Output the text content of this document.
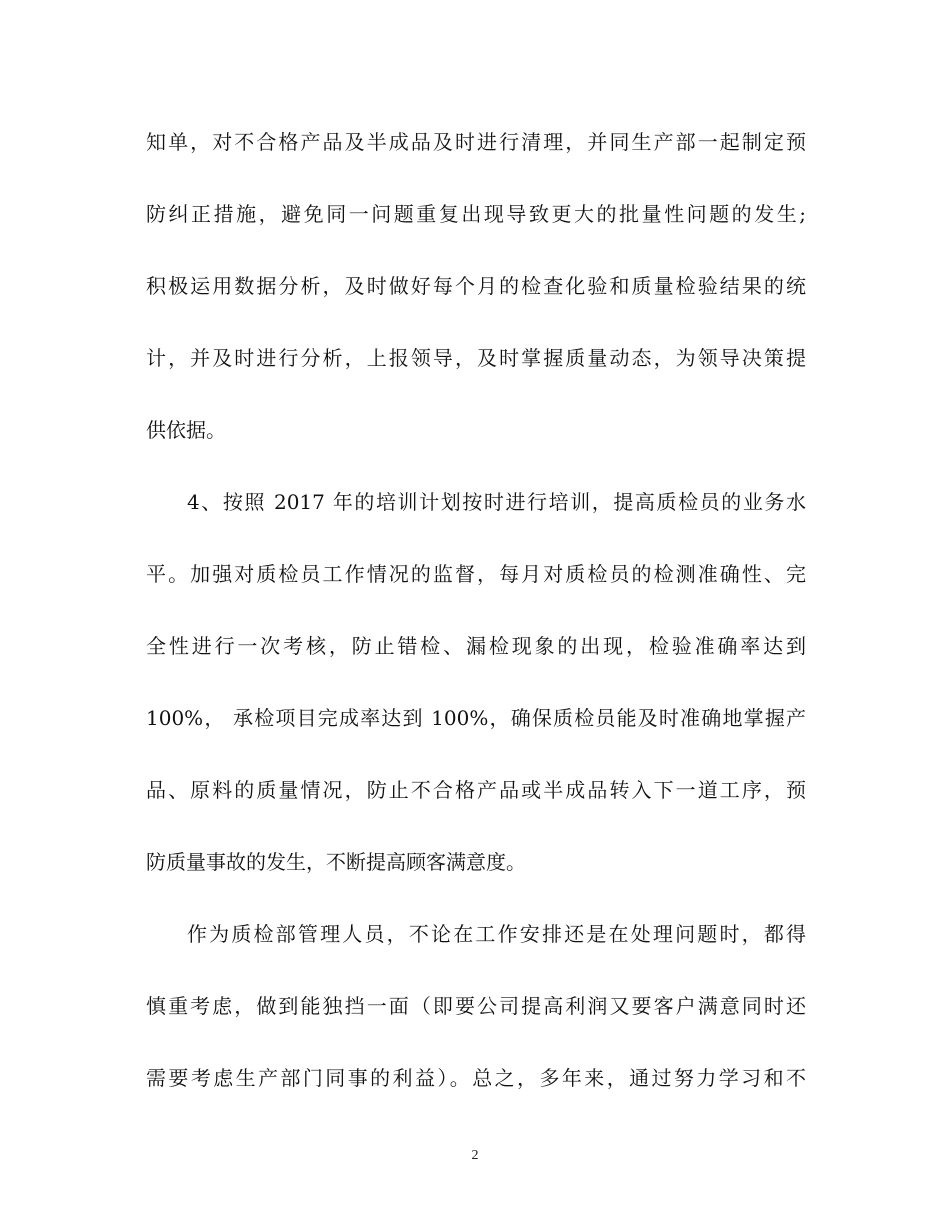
知单，对不合格产品及半成品及时进行清理，并同生产部一起制定预
防纠正措施，避免同一问题重复出现导致更大的批量性问题的发生;
积极运用数据分析，及时做好每个月的检查化验和质量检验结果的统
计，并及时进行分析，上报领导，及时掌握质量动态，为领导决策提
供依据。
4、按照 2017 年的培训计划按时进行培训，提高质检员的业务水
平。加强对质检员工作情况的监督，每月对质检员的检测准确性、完
全性进行一次考核，防止错检、漏检现象的出现，检验准确率达到
100%， 承检项目完成率达到 100%，确保质检员能及时准确地掌握产
品、原料的质量情况，防止不合格产品或半成品转入下一道工序，预
防质量事故的发生，不断提高顾客满意度。
作为质检部管理人员，不论在工作安排还是在处理问题时，都得
慎重考虑，做到能独挡一面（即要公司提高利润又要客户满意同时还
需要考虑生产部门同事的利益）。总之，多年来，通过努力学习和不
2
